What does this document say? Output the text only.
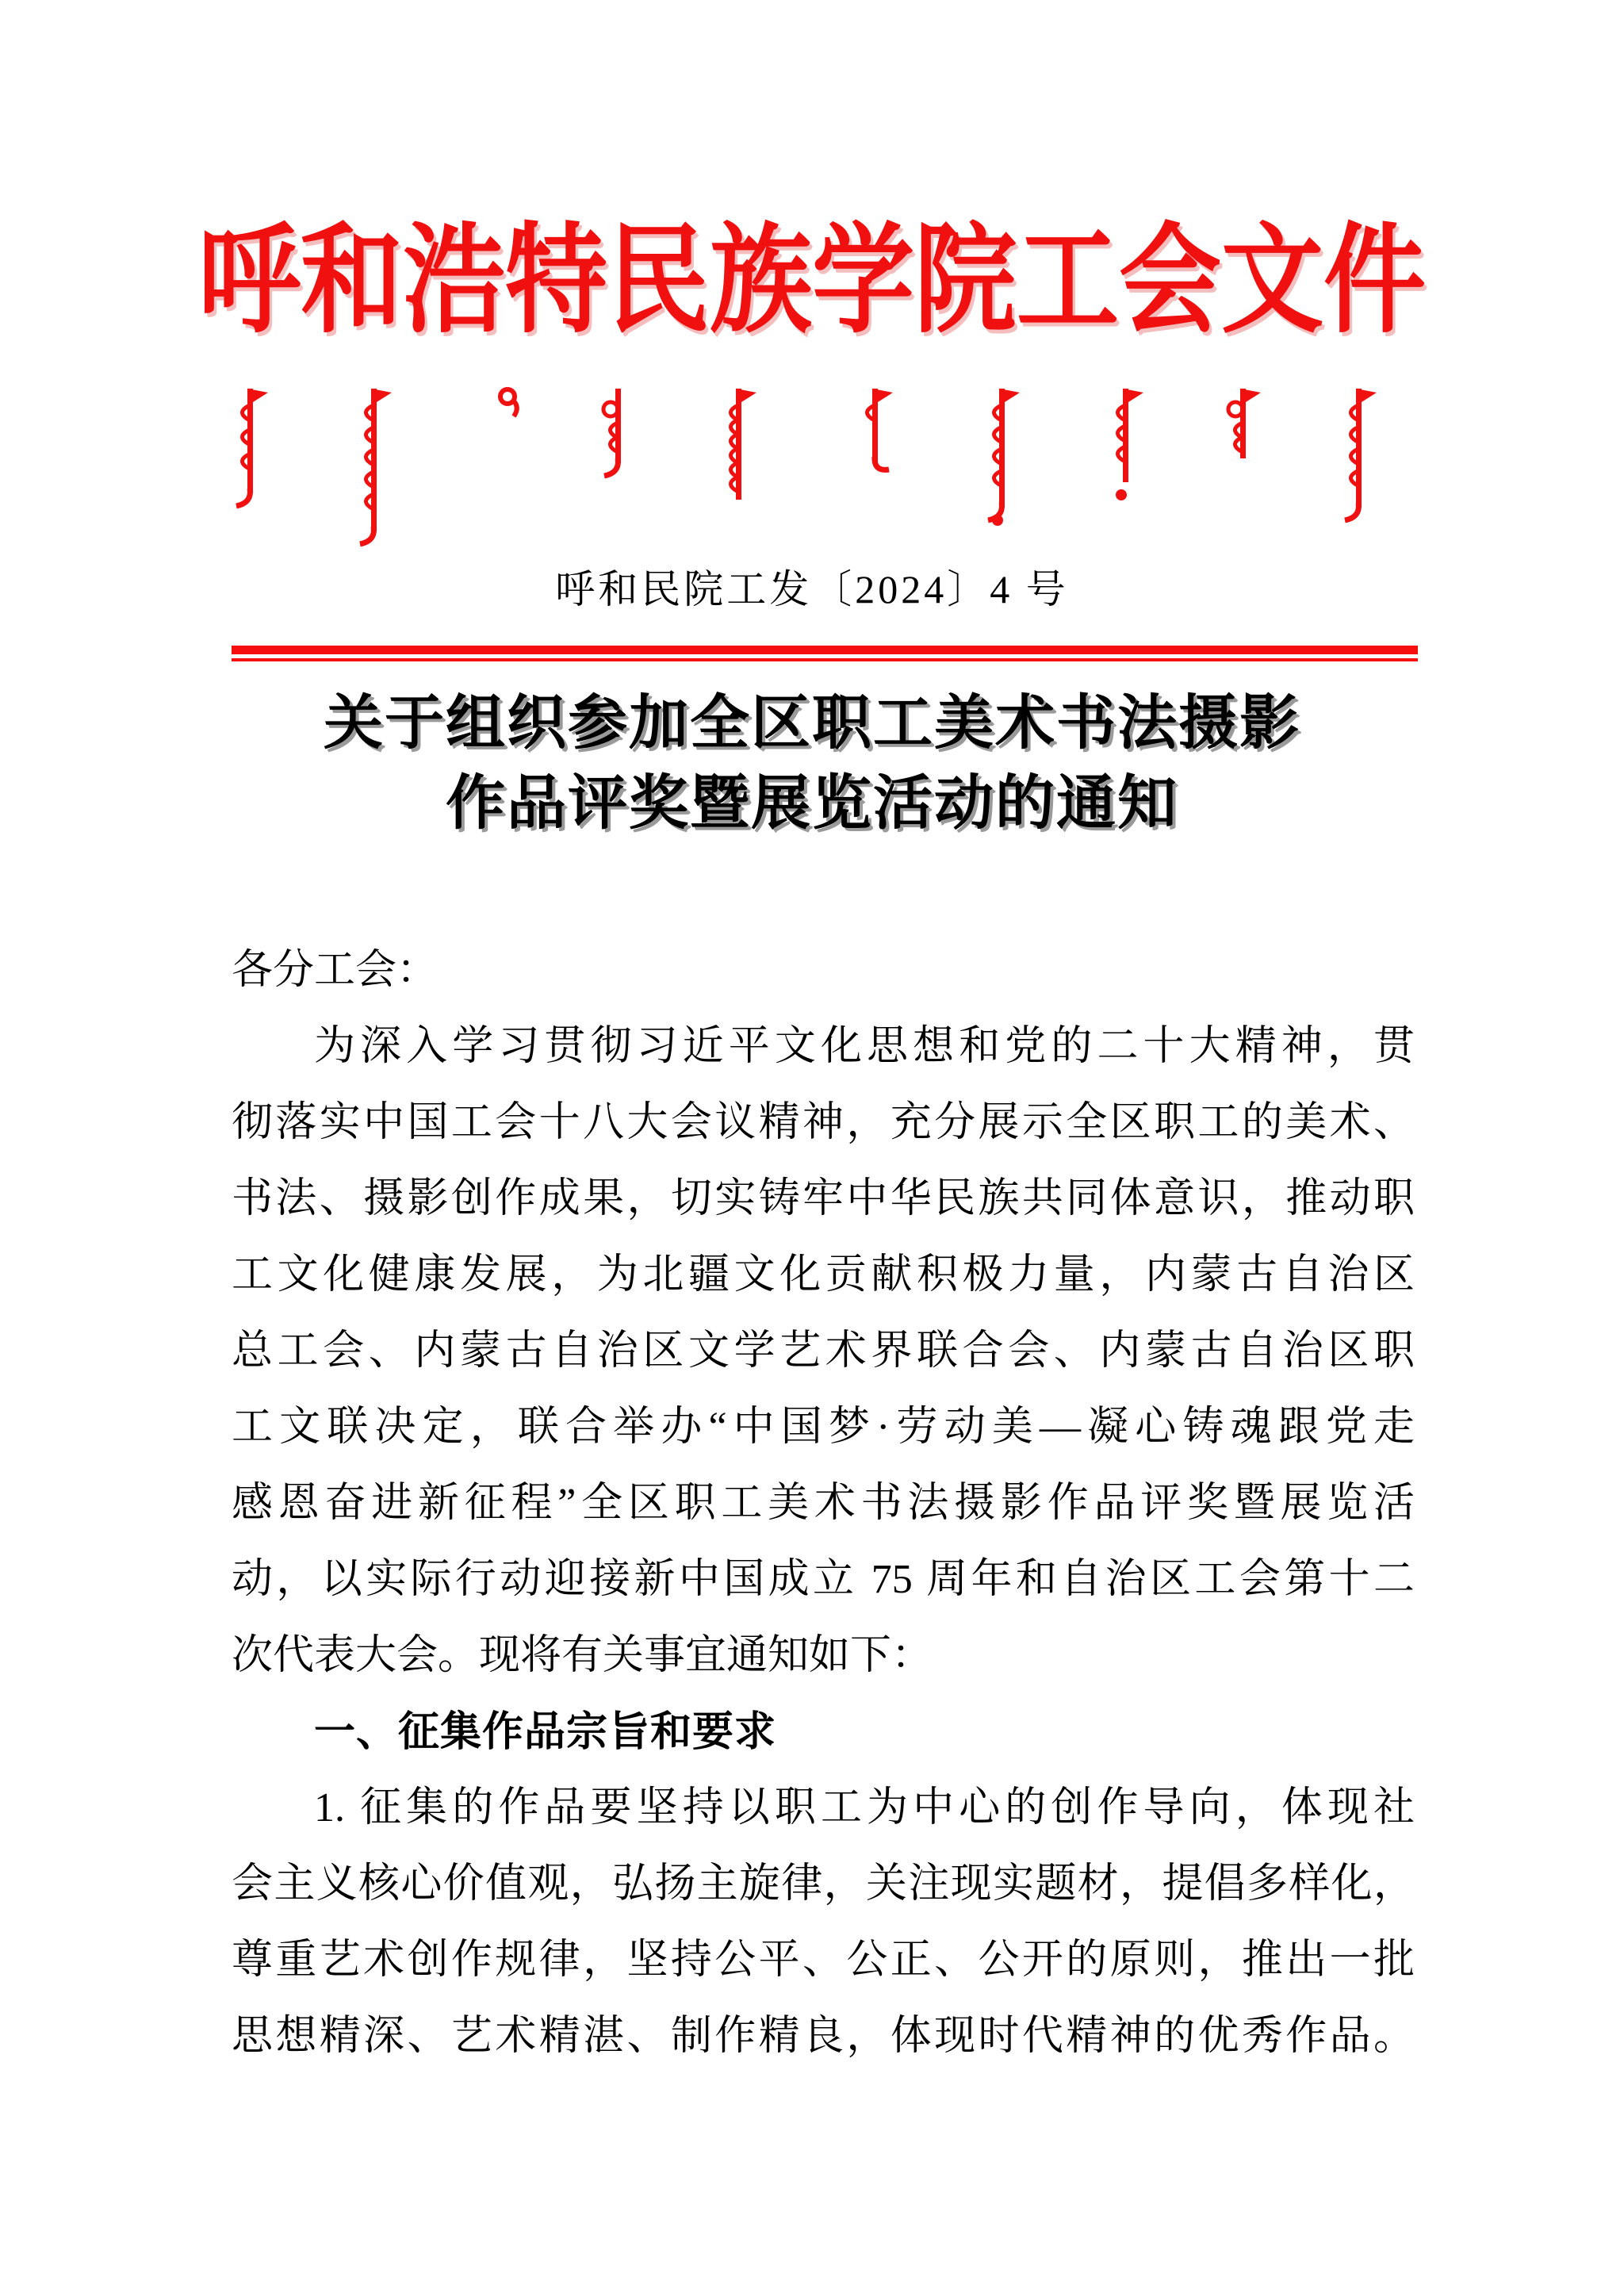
呼和浩特民族学院工会文件
呼和民院工发〔2024〕4 号
关于组织参加全区职工美术书法摄影
作品评奖暨展览活动的通知
各分工会：
为深入学习贯彻习近平文化思想和党的二十大精神，贯
彻落实中国工会十八大会议精神，充分展示全区职工的美术、
书法、摄影创作成果，切实铸牢中华民族共同体意识，推动职
工文化健康发展，为北疆文化贡献积极力量，内蒙古自治区
总工会、内蒙古自治区文学艺术界联合会、内蒙古自治区职
工文联决定，联合举办“中国梦·劳动美—凝心铸魂跟党走
感恩奋进新征程”全区职工美术书法摄影作品评奖暨展览活
动，以实际行动迎接新中国成立 75 周年和自治区工会第十二
次代表大会。现将有关事宜通知如下：
一、征集作品宗旨和要求
1. 征集的作品要坚持以职工为中心的创作导向，体现社
会主义核心价值观，弘扬主旋律，关注现实题材，提倡多样化，
尊重艺术创作规律，坚持公平、公正、公开的原则，推出一批
思想精深、艺术精湛、制作精良，体现时代精神的优秀作品。
